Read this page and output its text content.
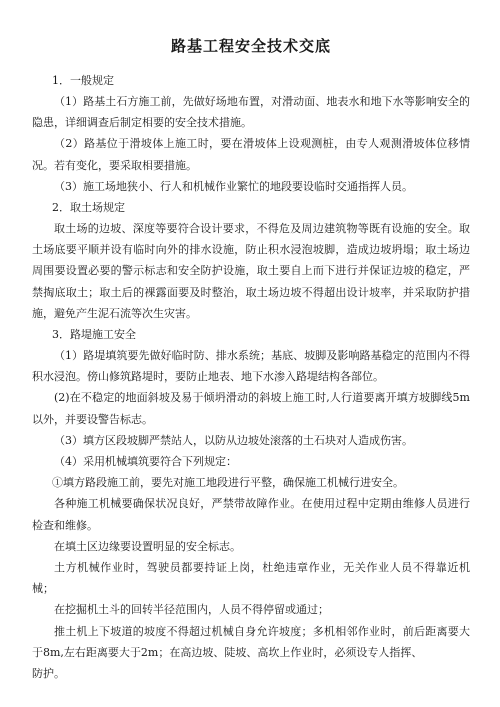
路基工程安全技术交底
1．一般规定

（1）路基土石方施工前，先做好场地布置，对滑动面、地表水和地下水等影响安全的隐患，详细调查后制定相要的安全技术措施。

（2）路基位于滑坡体上施工时，要在滑坡体上设观测桩，由专人观测滑坡体位移情况。若有变化，要采取相要措施。

（3）施工场地狭小、行人和机械作业繁忙的地段要设临时交通指挥人员。

2．取土场规定

取土场的边坡、深度等要符合设计要求，不得危及周边建筑物等既有设施的安全。取土场底要平顺并设有临时向外的排水设施，防止积水浸泡坡脚，造成边坡坍塌；取土场边周围要设置必要的警示标志和安全防护设施，取土要自上而下进行并保证边坡的稳定，严禁掏底取土；取土后的裸露面要及时整治，取土场边坡不得超出设计坡率，并采取防护措施，避免产生泥石流等次生灾害。

3．路堤施工安全

（1）路堤填筑要先做好临时防、排水系统；基底、坡脚及影响路基稳定的范围内不得积水浸泡。傍山修筑路堤时，要防止地表、地下水渗入路堤结构各部位。

(2)在不稳定的地面斜坡及易于倾坍滑动的斜坡上施工时,人行道要离开填方坡脚线5m以外，并要设警告标志。

（3）填方区段坡脚严禁站人，以防从边坡处滚落的土石块对人造成伤害。

（4）采用机械填筑要符合下列规定：

①填方路段施工前，要先对施工地段进行平整，确保施工机械行进安全。

各种施工机械要确保状况良好，严禁带故障作业。在使用过程中定期由维修人员进行检查和维修。

在填土区边缘要设置明显的安全标志。

土方机械作业时，驾驶员都要持证上岗，杜绝违章作业，无关作业人员不得靠近机械；

在挖掘机土斗的回转半径范围内，人员不得停留或通过；

推土机上下坡道的坡度不得超过机械自身允许坡度；多机相邻作业时，前后距离要大于8m,左右距离要大于2m；在高边坡、陡坡、高坎上作业时，必须设专人指挥、

防护。
